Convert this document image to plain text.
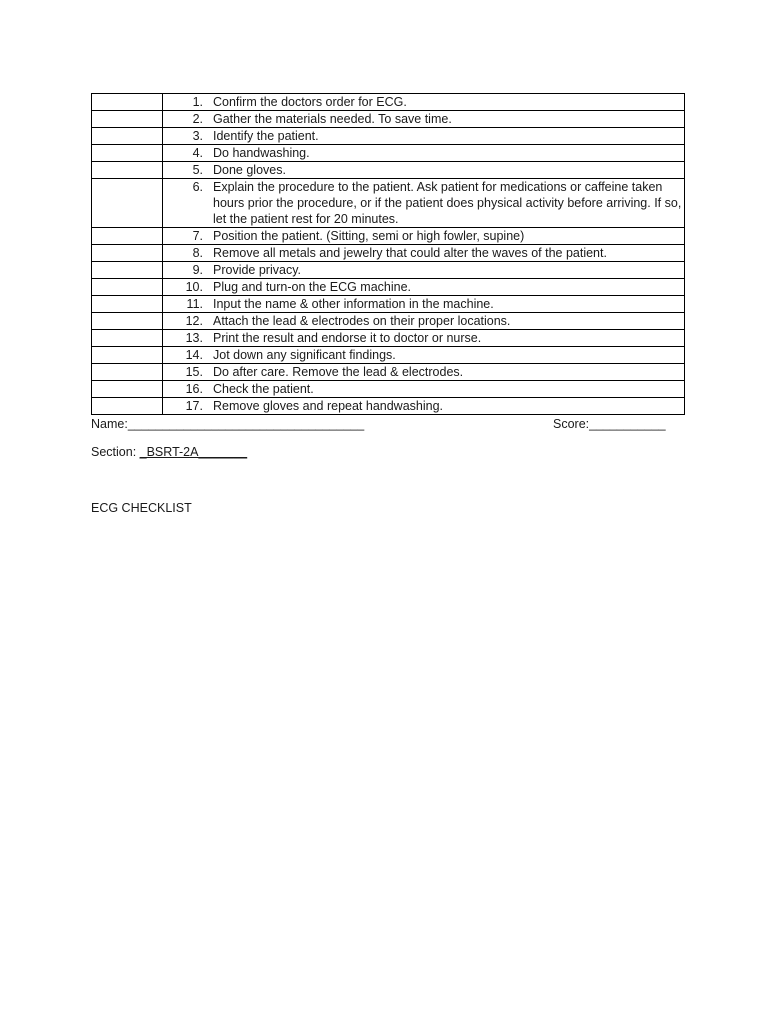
	1. Confirm the doctors order for ECG.

	2. Gather the materials needed. To save time.

	3. Identify the patient.

	4. Do handwashing.

	5. Done gloves.

	6. Explain the procedure to the patient. Ask patient for medications or caffeine taken hours prior the procedure, or if the patient does physical activity before arriving. If so, let the patient rest for 20 minutes.

	7. Position the patient. (Sitting, semi or high fowler, supine)

	8. Remove all metals and jewelry that could alter the waves of the patient.

	9. Provide privacy.

	10. Plug and turn-on the ECG machine.

	11. Input the name & other information in the machine.

	12. Attach the lead & electrodes on their proper locations.

	13. Print the result and endorse it to doctor or nurse.

	14. Jot down any significant findings.

	15. Do after care. Remove the lead & electrodes.

	16. Check the patient.

	17. Remove gloves and repeat handwashing.
Name:__________________________________	Score:___________
Section: _BSRT-2A_______
ECG CHECKLIST
